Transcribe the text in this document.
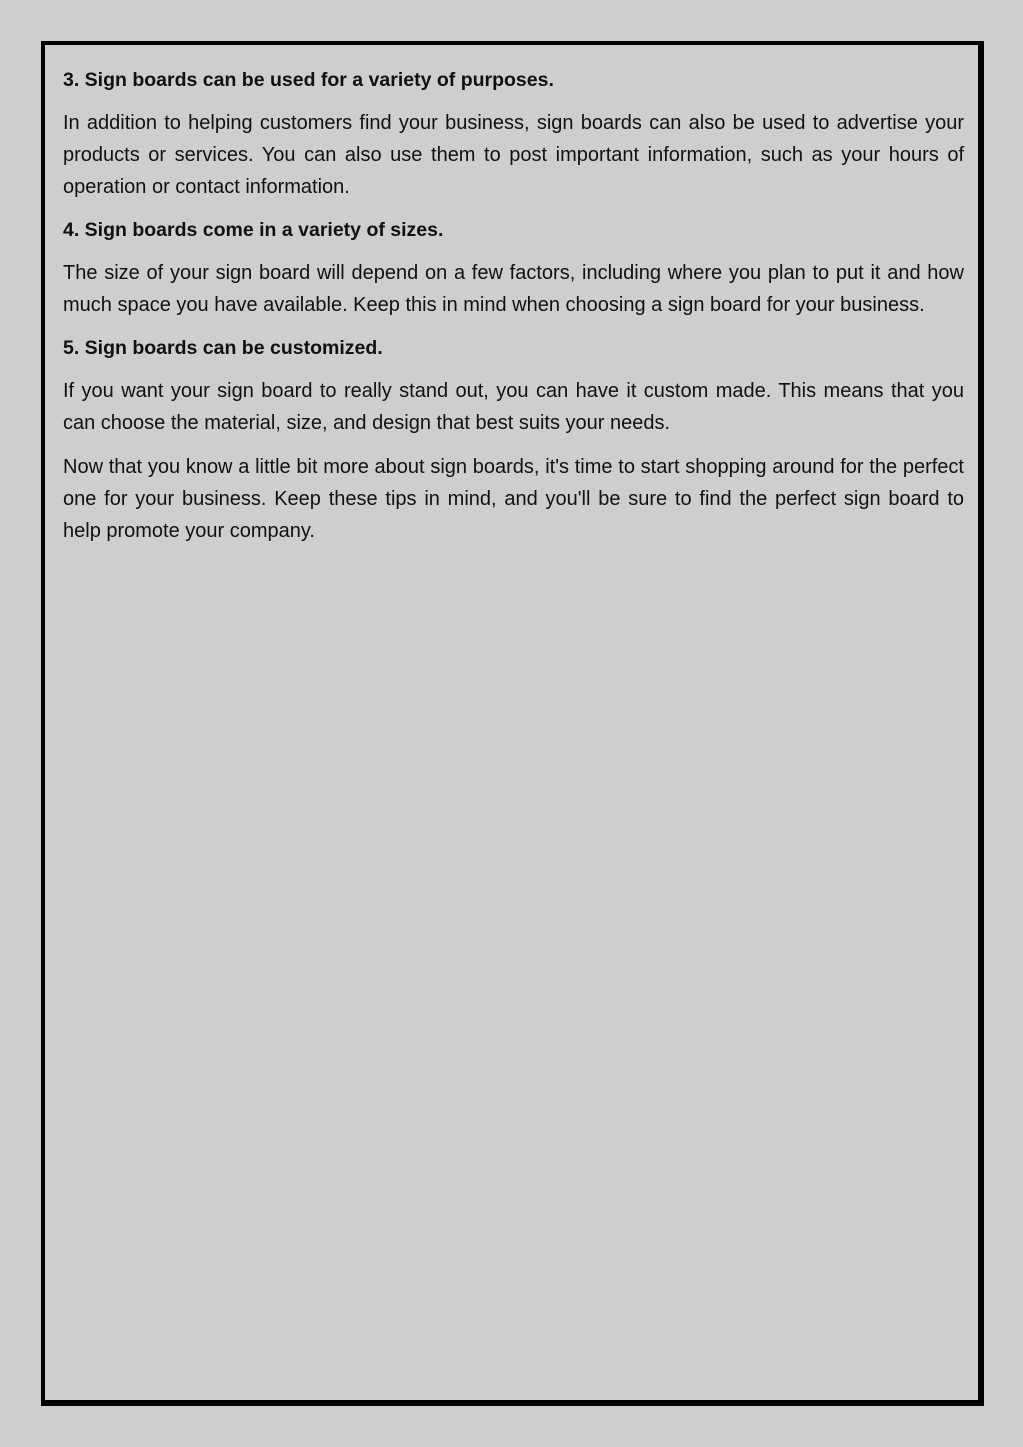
3. Sign boards can be used for a variety of purposes.

In addition to helping customers find your business, sign boards can also be used to advertise your products or services. You can also use them to post important information, such as your hours of operation or contact information.

4. Sign boards come in a variety of sizes.

The size of your sign board will depend on a few factors, including where you plan to put it and how much space you have available. Keep this in mind when choosing a sign board for your business.

5. Sign boards can be customized.

If you want your sign board to really stand out, you can have it custom made. This means that you can choose the material, size, and design that best suits your needs.

Now that you know a little bit more about sign boards, it's time to start shopping around for the perfect one for your business. Keep these tips in mind, and you'll be sure to find the perfect sign board to help promote your company.
